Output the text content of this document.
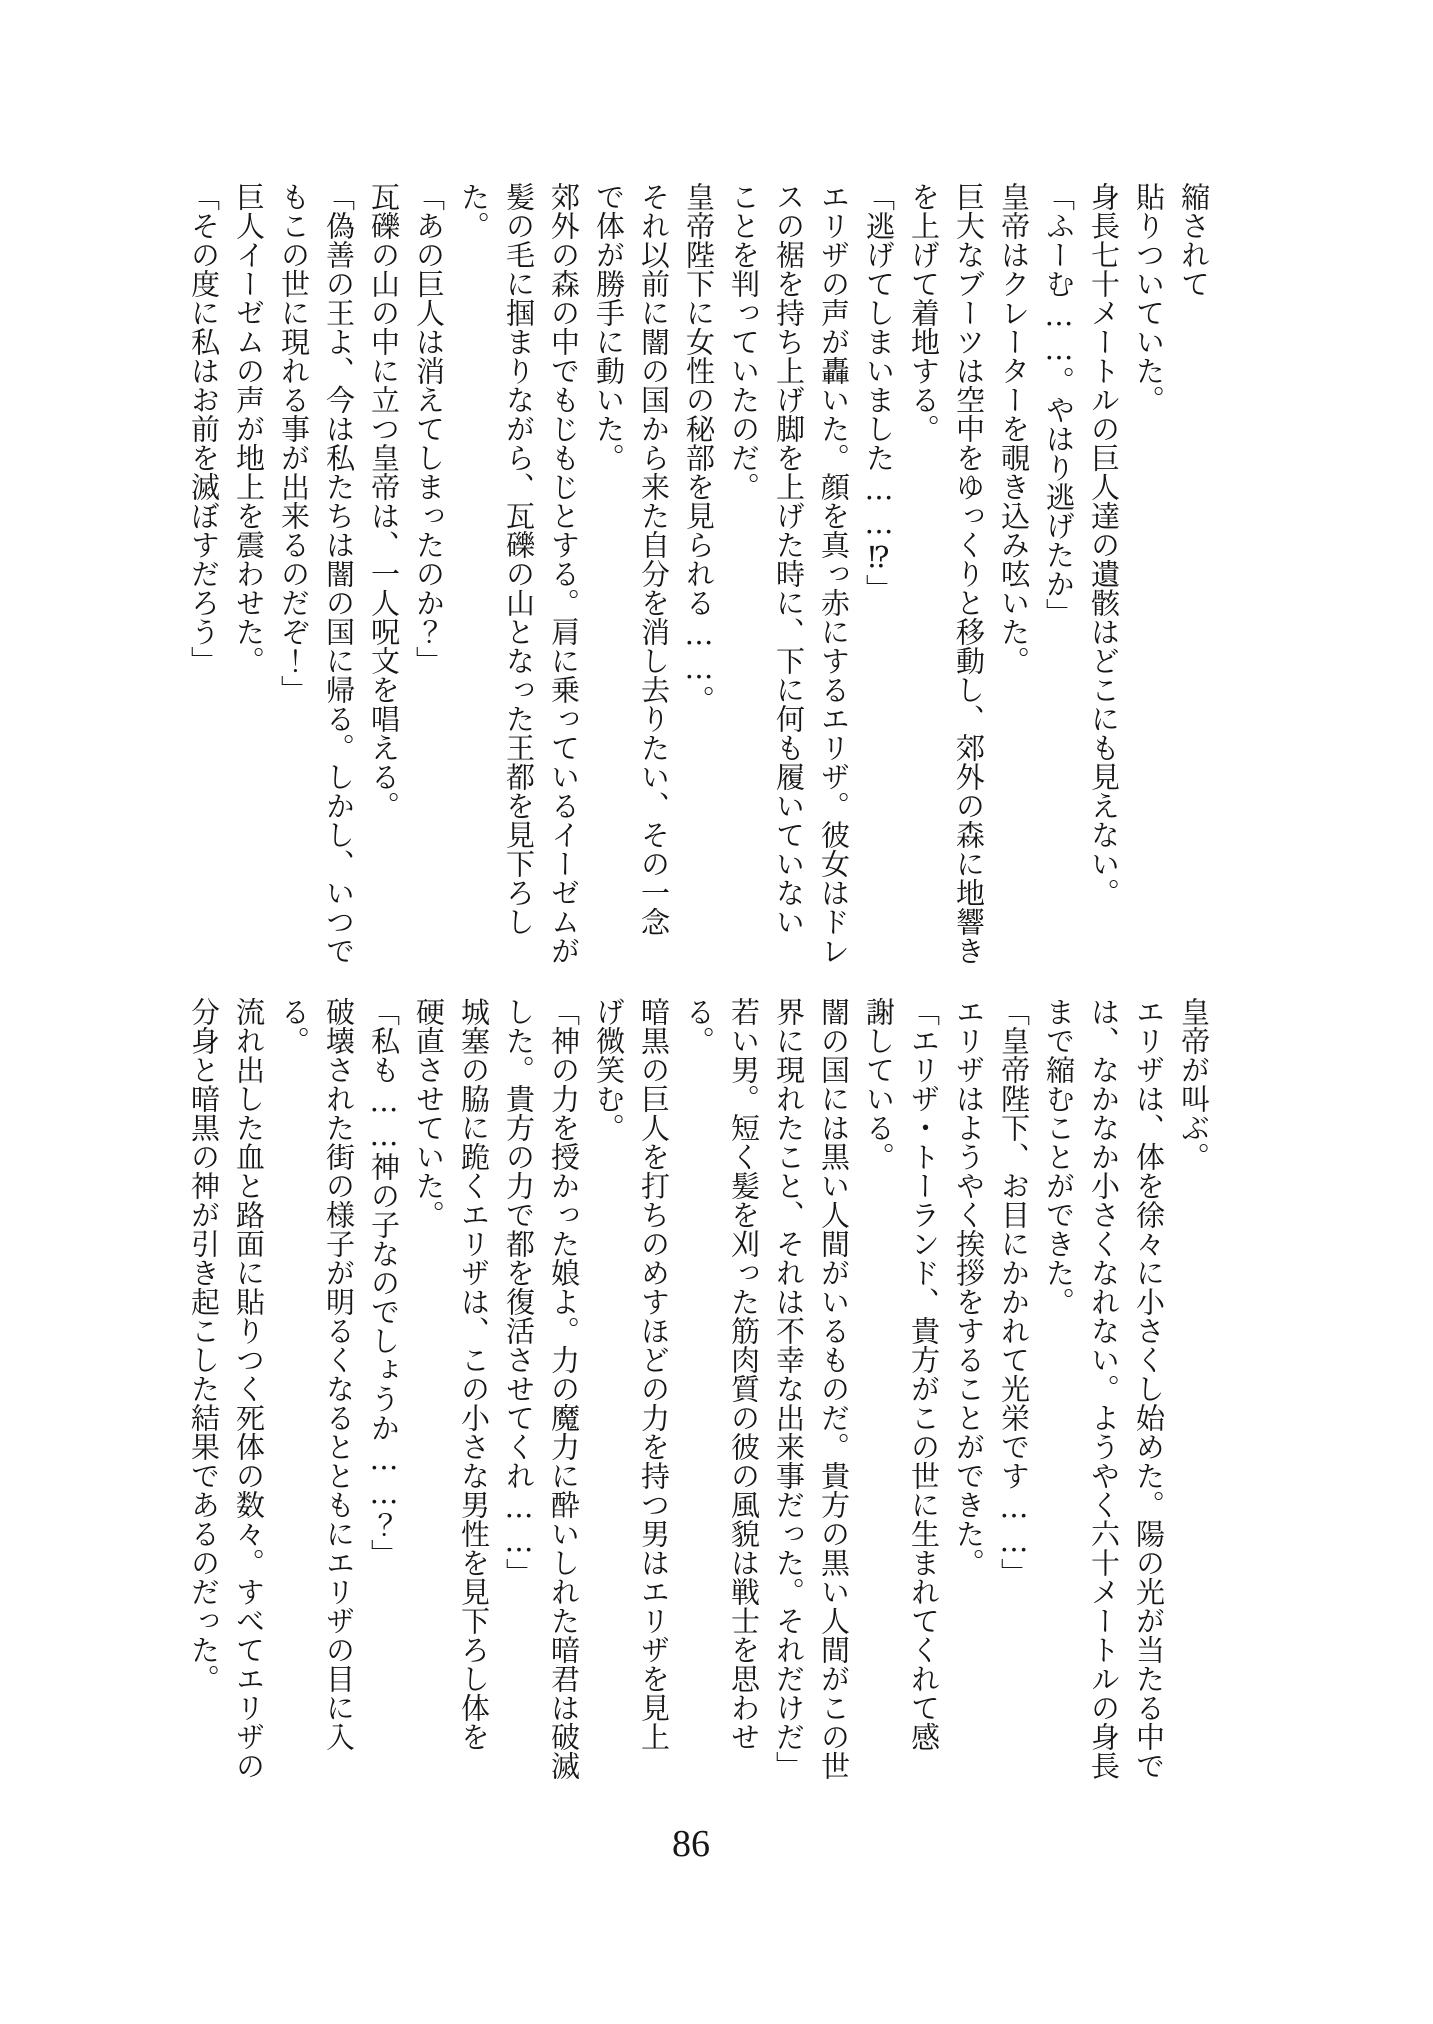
縮されて
貼りついていた。
身長七十メートルの巨人達の遺骸はどこにも見えない。
「ふーむ……。やはり逃げたか」
皇帝はクレーターを覗き込み呟いた。
巨大なブーツは空中をゆっくりと移動し、郊外の森に地響き
を上げて着地する。
「逃げてしまいました……⁉」
エリザの声が轟いた。顔を真っ赤にするエリザ。彼女はドレ
スの裾を持ち上げ脚を上げた時に、下に何も履いていない
ことを判っていたのだ。
皇帝陛下に女性の秘部を見られる……。
それ以前に闇の国から来た自分を消し去りたい、その一念
で体が勝手に動いた。
郊外の森の中でもじもじとする。肩に乗っているイーゼムが
髪の毛に掴まりながら、瓦礫の山となった王都を見下ろし
た。
「あの巨人は消えてしまったのか？」
瓦礫の山の中に立つ皇帝は、一人呪文を唱える。
「偽善の王よ、今は私たちは闇の国に帰る。しかし、いつで
もこの世に現れる事が出来るのだぞ！」
巨人イーゼムの声が地上を震わせた。
「その度に私はお前を滅ぼすだろう」
皇帝が叫ぶ。
エリザは、体を徐々に小さくし始めた。陽の光が当たる中で
は、なかなか小さくなれない。ようやく六十メートルの身長
まで縮むことができた。
「皇帝陛下、お目にかかれて光栄です……」
エリザはようやく挨拶をすることができた。
「エリザ・トーランド、貴方がこの世に生まれてくれて感
謝している。
闇の国には黒い人間がいるものだ。貴方の黒い人間がこの世
界に現れたこと、それは不幸な出来事だった。それだけだ」
若い男。短く髪を刈った筋肉質の彼の風貌は戦士を思わせ
る。
暗黒の巨人を打ちのめすほどの力を持つ男はエリザを見上
げ微笑む。
「神の力を授かった娘よ。力の魔力に酔いしれた暗君は破滅
した。貴方の力で都を復活させてくれ……」
城塞の脇に跪くエリザは、この小さな男性を見下ろし体を
硬直させていた。
「私も……神の子なのでしょうか……？」
破壊された街の様子が明るくなるとともにエリザの目に入
る。
流れ出した血と路面に貼りつく死体の数々。すべてエリザの
分身と暗黒の神が引き起こした結果であるのだった。
86
